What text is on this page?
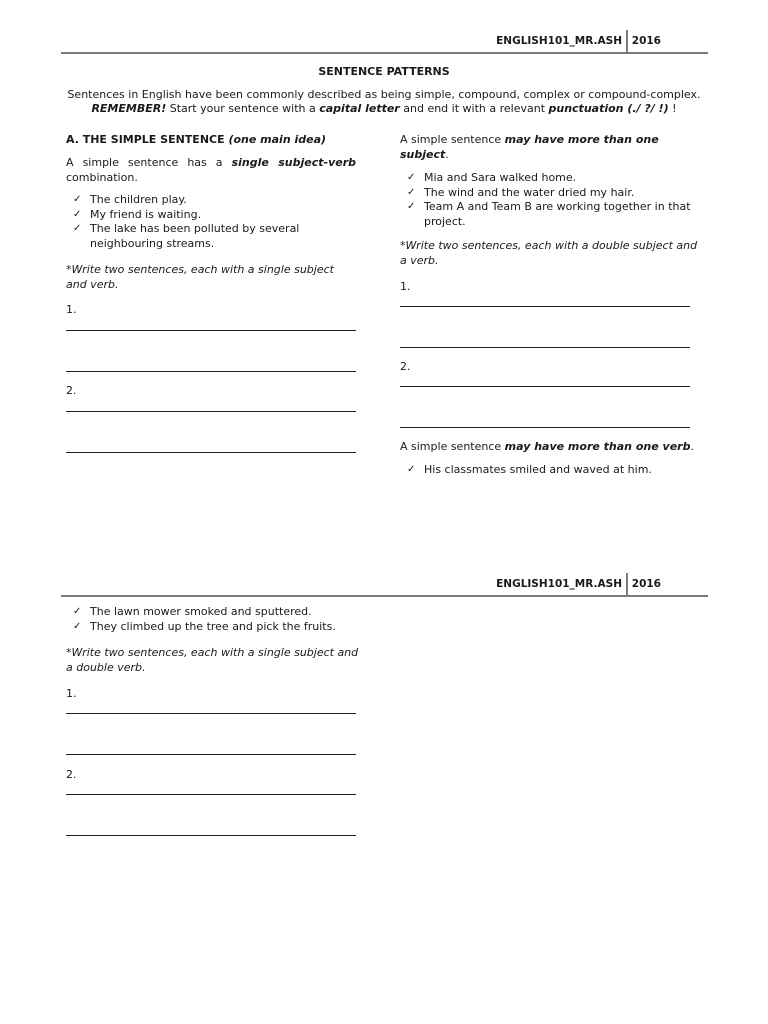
ENGLISH101_MR.ASH 2016
SENTENCE PATTERNS
Sentences in English have been commonly described as being simple, compound, complex or compound-complex.
REMEMBER! Start your sentence with a capital letter and end it with a relevant punctuation (./ ?/ !) !
A. THE SIMPLE SENTENCE (one main idea)
A simple sentence has a single subject-verb
combination.
✓ The children play.
✓ My friend is waiting.
✓ The lake has been polluted by several neighbouring streams.
*Write two sentences, each with a single subject and verb.
1.
2.
A simple sentence may have more than one subject.
✓ Mia and Sara walked home.
✓ The wind and the water dried my hair.
✓ Team A and Team B are working together in that project.
*Write two sentences, each with a double subject and a verb.
1.
2.
A simple sentence may have more than one verb.
✓ His classmates smiled and waved at him.
ENGLISH101_MR.ASH 2016
✓ The lawn mower smoked and sputtered.
✓ They climbed up the tree and pick the fruits.
*Write two sentences, each with a single subject and a double verb.
1.
2.
